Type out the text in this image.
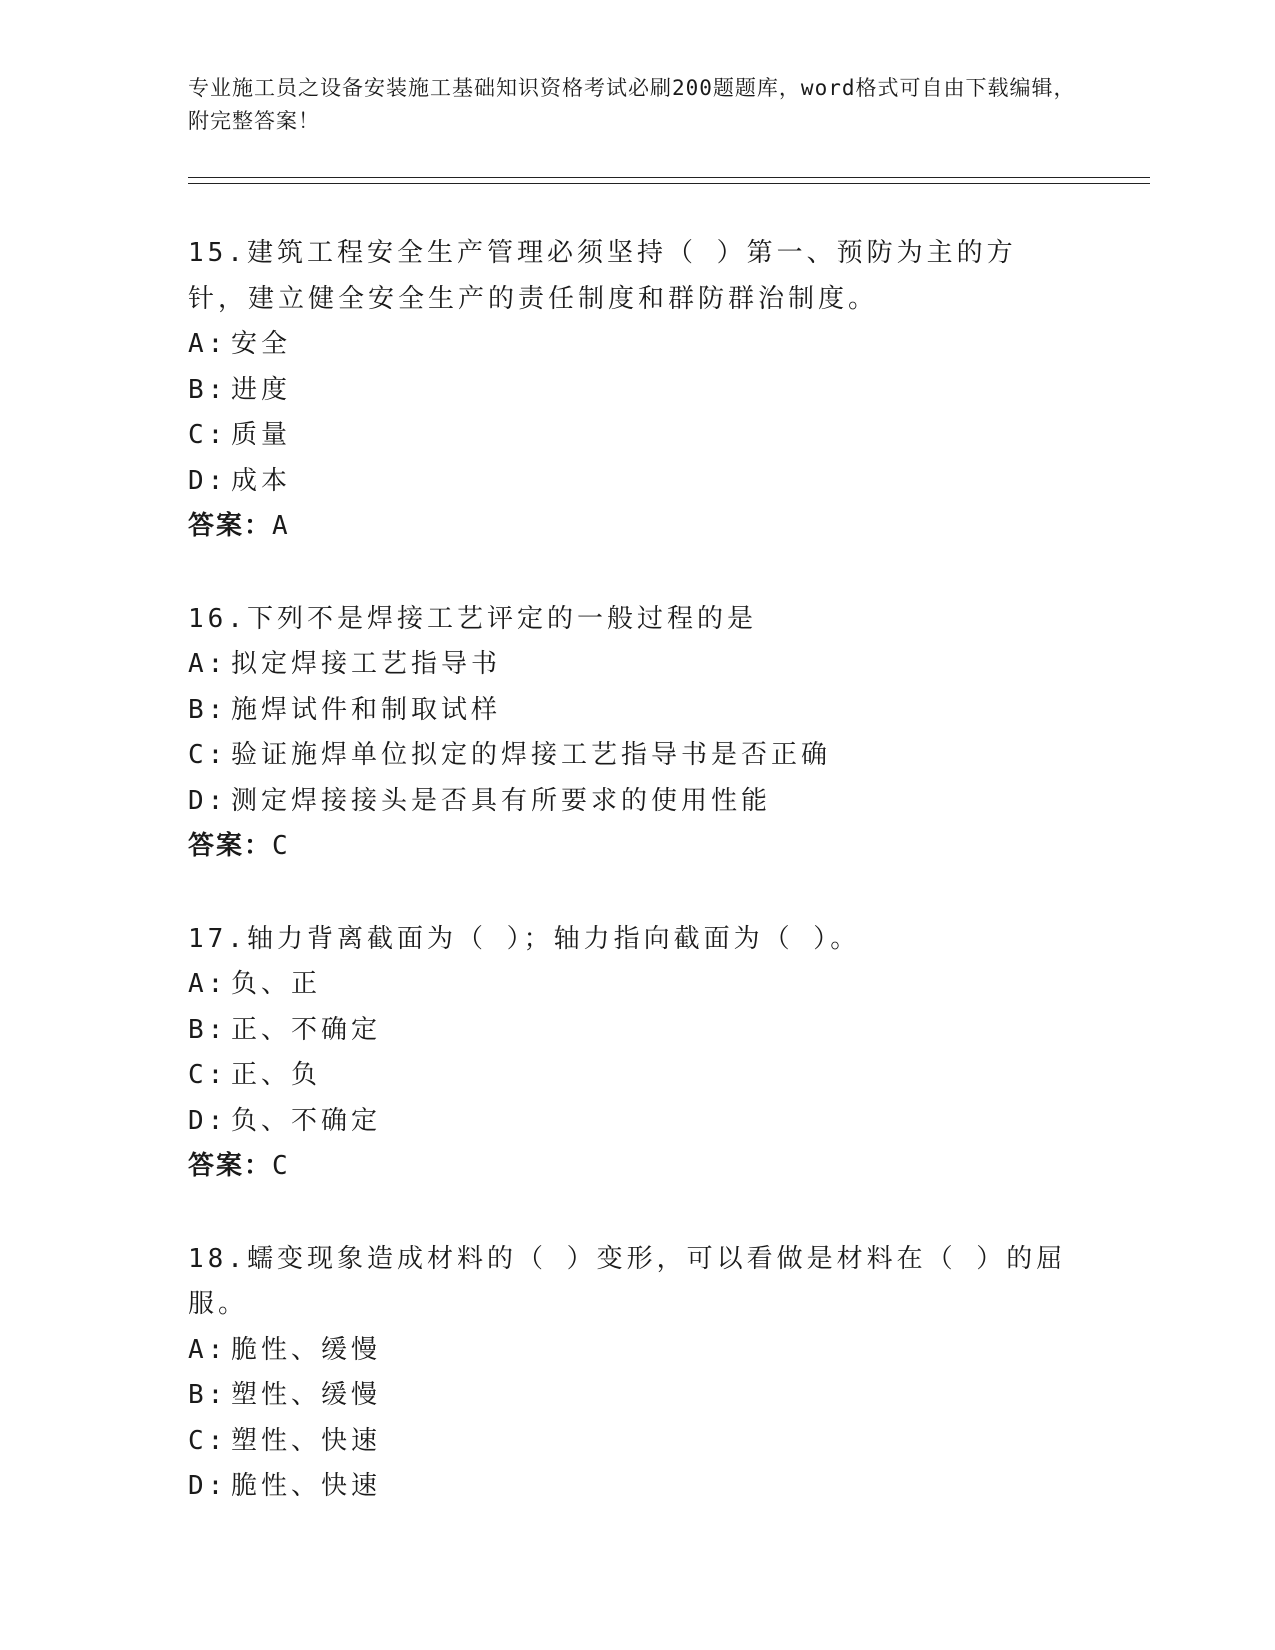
专业施工员之设备安装施工基础知识资格考试必刷200题题库，word格式可自由下载编辑，附完整答案！
15.建筑工程安全生产管理必须坚持（ ）第一、预防为主的方针，建立健全安全生产的责任制度和群防群治制度。
A: 安全
B: 进度
C: 质量
D: 成本
答案：A
16.下列不是焊接工艺评定的一般过程的是
A: 拟定焊接工艺指导书
B: 施焊试件和制取试样
C: 验证施焊单位拟定的焊接工艺指导书是否正确
D: 测定焊接接头是否具有所要求的使用性能
答案：C
17.轴力背离截面为（ ）；轴力指向截面为（ ）。
A: 负、正
B: 正、不确定
C: 正、负
D: 负、不确定
答案：C
18.蠕变现象造成材料的（ ）变形，可以看做是材料在（ ）的屈服。
A: 脆性、缓慢
B: 塑性、缓慢
C: 塑性、快速
D: 脆性、快速
